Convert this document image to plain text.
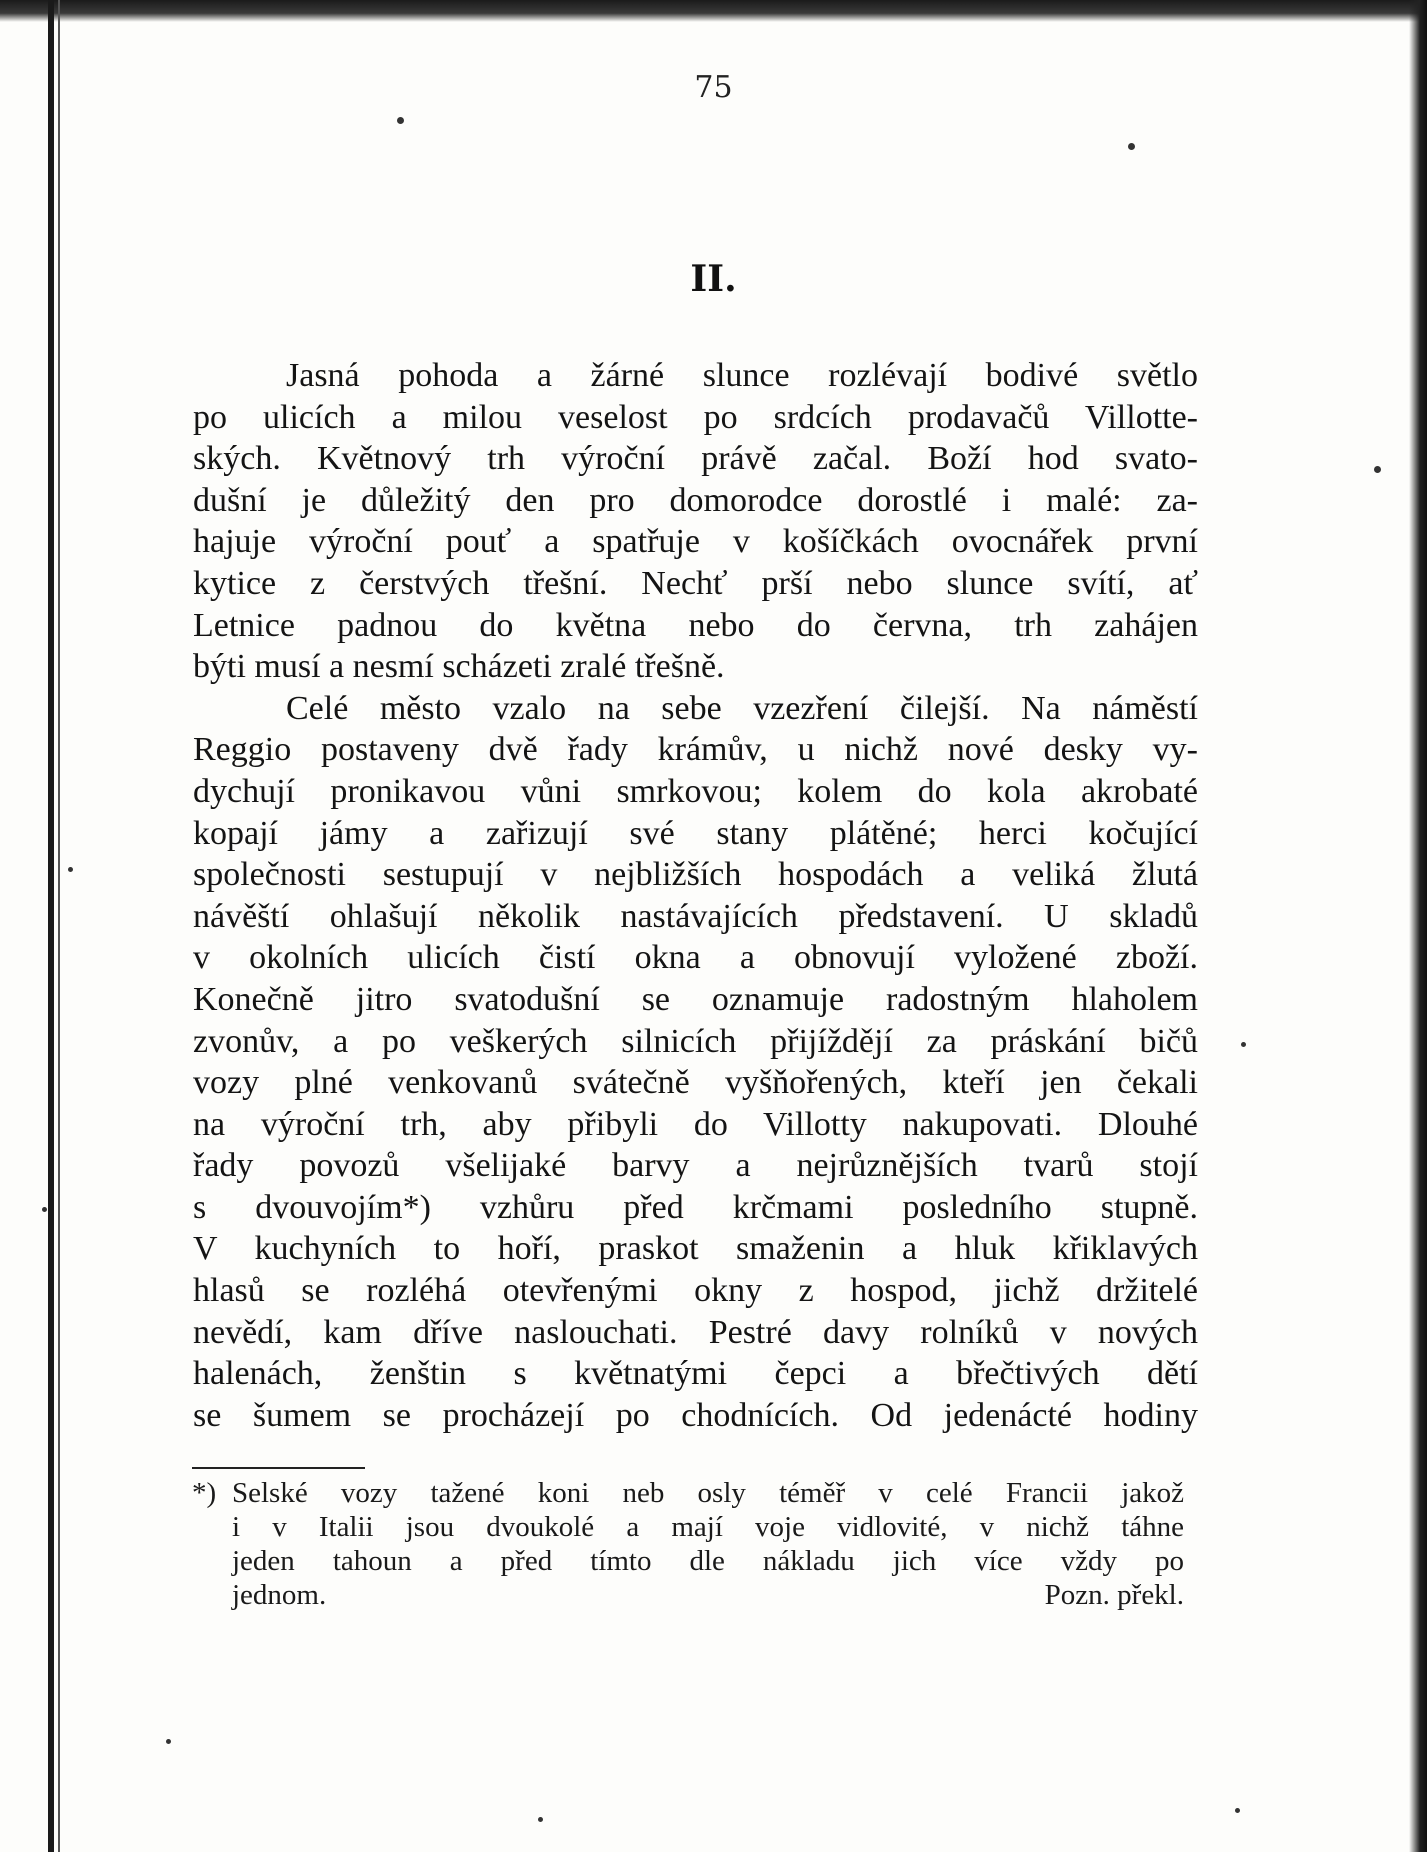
75
II.
Jasná pohoda a žárné slunce rozlévají bodivé světlo
po ulicích a milou veselost po srdcích prodavačů Villotte-
ských. Květnový trh výroční právě začal. Boží hod svato-
dušní je důležitý den pro domorodce dorostlé i malé: za-
hajuje výroční pouť a spatřuje v košíčkách ovocnářek první
kytice z čerstvých třešní. Nechť prší nebo slunce svítí, ať
Letnice padnou do května nebo do června, trh zahájen
býti musí a nesmí scházeti zralé třešně.
Celé město vzalo na sebe vzezření čilejší. Na náměstí
Reggio postaveny dvě řady krámův, u nichž nové desky vy-
dychují pronikavou vůni smrkovou; kolem do kola akrobaté
kopají jámy a zařizují své stany plátěné; herci kočující
společnosti sestupují v nejbližších hospodách a veliká žlutá
návěští ohlašují několik nastávajících představení. U skladů
v okolních ulicích čistí okna a obnovují vyložené zboží.
Konečně jitro svatodušní se oznamuje radostným hlaholem
zvonův, a po veškerých silnicích přijíždějí za práskání bičů
vozy plné venkovanů svátečně vyšňořených, kteří jen čekali
na výroční trh, aby přibyli do Villotty nakupovati. Dlouhé
řady povozů všelijaké barvy a nejrůznějších tvarů stojí
s dvouvojím*) vzhůru před krčmami posledního stupně.
V kuchyních to hoří, praskot smaženin a hluk křiklavých
hlasů se rozléhá otevřenými okny z hospod, jichž držitelé
nevědí, kam dříve naslouchati. Pestré davy rolníků v nových
halenách, ženštin s květnatými čepci a břečtivých dětí
se šumem se procházejí po chodnících. Od jedenácté hodiny
*) Selské vozy tažené koni neb osly téměř v celé Francii jakož
i v Italii jsou dvoukolé a mají voje vidlovité, v nichž táhne
jeden tahoun a před tímto dle nákladu jich více vždy po
jednom.	Pozn. překl.
